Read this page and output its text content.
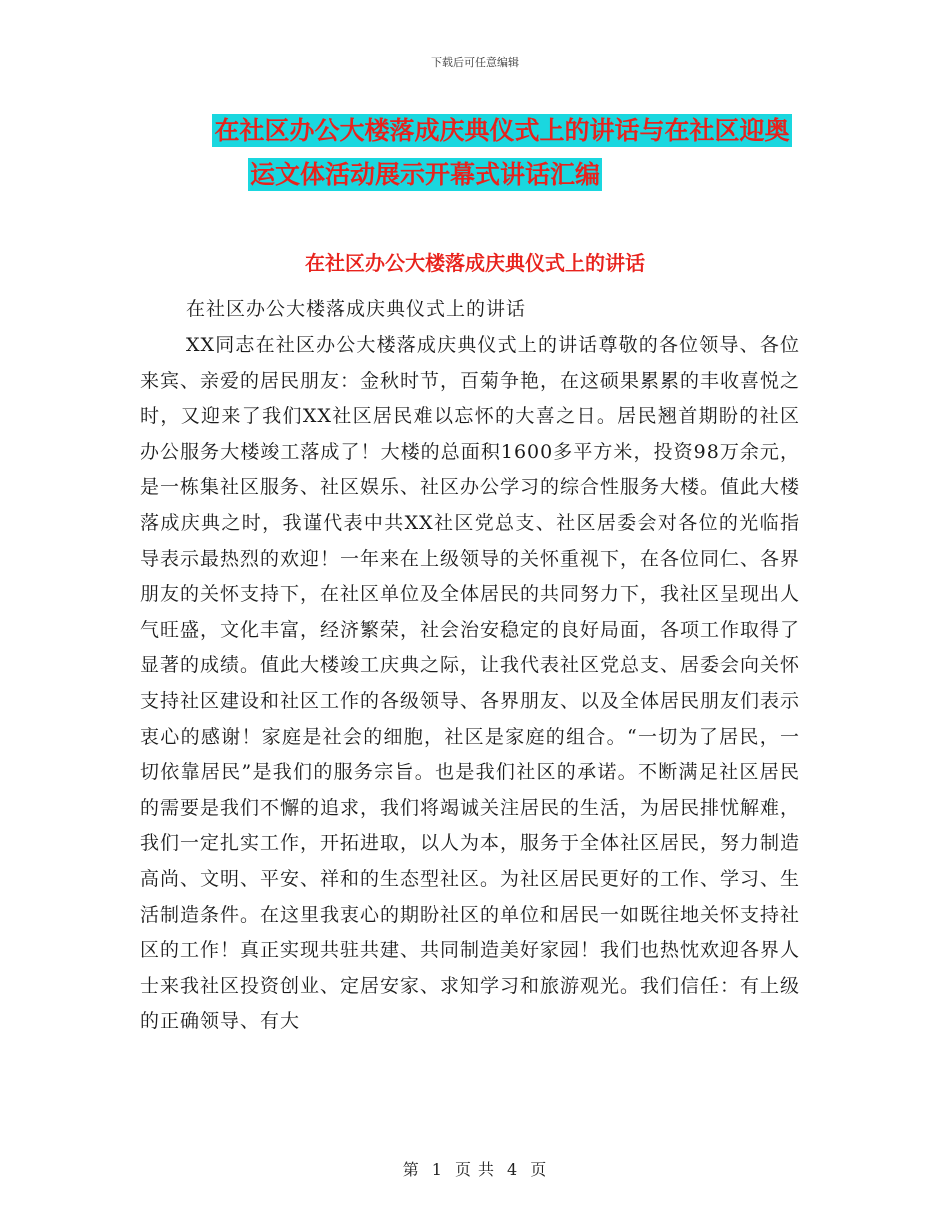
下载后可任意编辑
在社区办公大楼落成庆典仪式上的讲话与在社区迎奥
运文体活动展示开幕式讲话汇编
在社区办公大楼落成庆典仪式上的讲话
在社区办公大楼落成庆典仪式上的讲话
XX同志在社区办公大楼落成庆典仪式上的讲话尊敬的各位领导、各位来宾、亲爱的居民朋友：金秋时节，百菊争艳，在这硕果累累的丰收喜悦之时，又迎来了我们XX社区居民难以忘怀的大喜之日。居民翘首期盼的社区办公服务大楼竣工落成了！大楼的总面积1600多平方米，投资98万余元，是一栋集社区服务、社区娱乐、社区办公学习的综合性服务大楼。值此大楼落成庆典之时，我谨代表中共XX社区党总支、社区居委会对各位的光临指导表示最热烈的欢迎！一年来在上级领导的关怀重视下，在各位同仁、各界朋友的关怀支持下，在社区单位及全体居民的共同努力下，我社区呈现出人气旺盛，文化丰富，经济繁荣，社会治安稳定的良好局面，各项工作取得了显著的成绩。值此大楼竣工庆典之际，让我代表社区党总支、居委会向关怀支持社区建设和社区工作的各级领导、各界朋友、以及全体居民朋友们表示衷心的感谢！家庭是社会的细胞，社区是家庭的组合。“一切为了居民，一切依靠居民”是我们的服务宗旨。也是我们社区的承诺。不断满足社区居民的需要是我们不懈的追求，我们将竭诚关注居民的生活，为居民排忧解难，我们一定扎实工作，开拓进取，以人为本，服务于全体社区居民，努力制造高尚、文明、平安、祥和的生态型社区。为社区居民更好的工作、学习、生活制造条件。在这里我衷心的期盼社区的单位和居民一如既往地关怀支持社区的工作！真正实现共驻共建、共同制造美好家园！我们也热忱欢迎各界人士来我社区投资创业、定居安家、求知学习和旅游观光。我们信任：有上级的正确领导、有大
第 1 页 共 4 页
